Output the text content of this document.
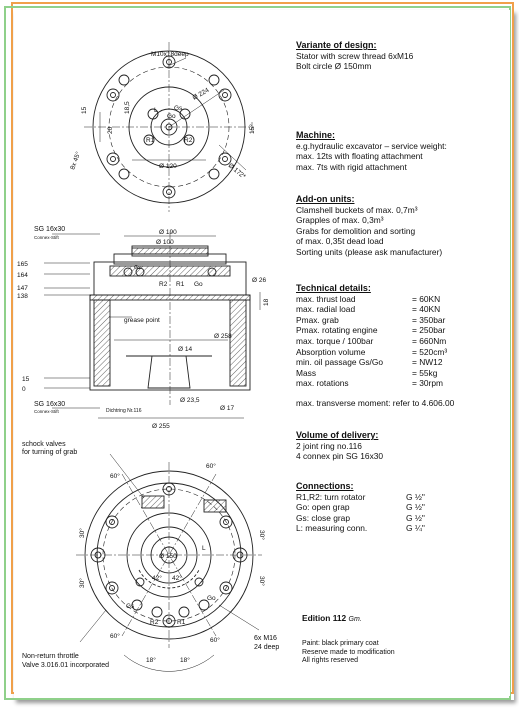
M10x18deep
Ø 224
Ø 120
15	18,5
Go
Gs
L
R2
R1
Ø 172*
15°
8x 45°
20
SG 16x30
Connex-Stift
Ø 190
Ø 100
165
164
147
138
15
0
Ø 26
18
grease point
Ø 258
Ø 14
Ø 23,5
Ø 17
Ø 255
Dichtring Nr.116
Gs
R2 R1 Go
SG 16x30
Connex-Stift
schock valves
for turning of grab
60°
60°
30°
30°
30°
30°
Ø 150
L
Gs
R2	R1
Go
42° 42°
60°
60°
18°	18°
Non-return throttle
Valve 3.016.01 incorporated
6x M16
24 deep
Variante of design:
Stator with screw thread 6xM16
Bolt circle Ø 150mm
Machine:
e.g.hydraulic excavator – service weight:
max. 12ts with floating attachment
max. 7ts with rigid attachment
Add-on units:
Clamshell buckets of max. 0,7m³
Grapples of max. 0,3m³
Grabs for demolition and sorting
of max. 0,35t dead load
Sorting units (please ask manufacturer)
Technical details:
max. thrust load	= 60KN
max. radial load	= 40KN
Pmax. grab	= 350bar
Pmax. rotating engine	= 250bar
max. torque / 100bar	= 660Nm
Absorption volume	= 520cm³
min. oil passage Gs/Go	= NW12
Mass	= 55kg
max. rotations	= 30rpm
max. transverse moment: refer to 4.606.00
Volume of delivery:
2 joint ring no.116
4 connex pin SG 16x30
Connections:
R1,R2: turn rotator	G ½"
Go: open grap	G ½"
Gs: close grap	G ½"
L: measuring conn.	G ¼"
Edition 112 Gm.
Paint: black primary coat
Reserve made to modification
All rights reserved
